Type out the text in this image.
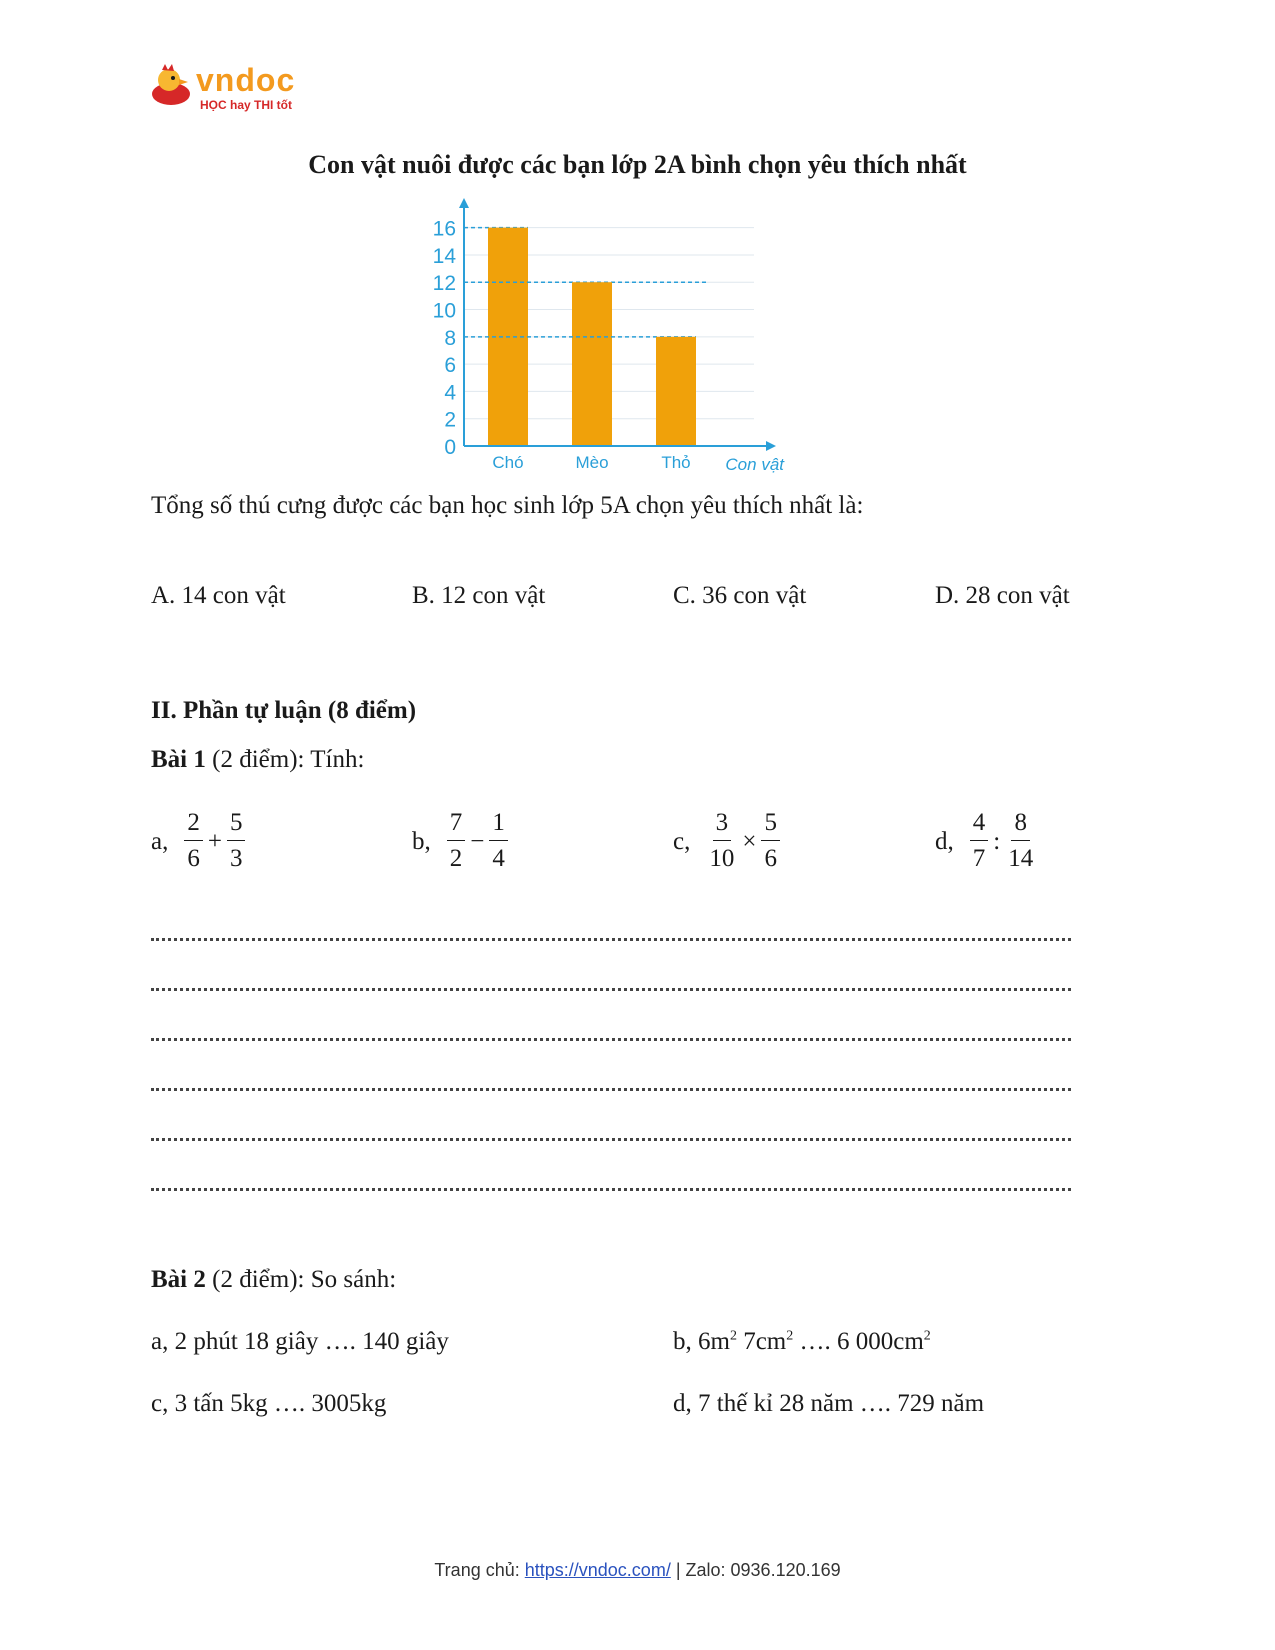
vndoc
HỌC hay THI tốt
Con vật nuôi được các bạn lớp 2A bình chọn yêu thích nhất
0
2
4
6
8
10
12
14
16
Chó	Mèo	Thỏ Con vật
Tổng số thú cưng được các bạn học sinh lớp 5A chọn yêu thích nhất là:
A. 14 con vật	B. 12 con vật	C. 36 con vật	D. 28 con vật
II. Phần tự luận (8 điểm)
Bài 1 (2 điểm): Tính:
a, $\frac{2}{6} + \frac{5}{3}$	b, $\frac{7}{2} - \frac{1}{4}$	c, $\frac{3}{10} \times \frac{5}{6}$	d, $\frac{4}{7}$ : $\frac{8}{14}$
Bài 2 (2 điểm): So sánh:
a, 2 phút 18 giây …. 140 giây	b, $6m^2$ $7cm^2$ …. 6 $000cm^2$
c, 3 tấn 5kg …. 3005kg	d, 7 thế kỉ 28 năm …. 729 năm
Trang chủ: https://vndoc.com/ | Zalo: 0936.120.169
